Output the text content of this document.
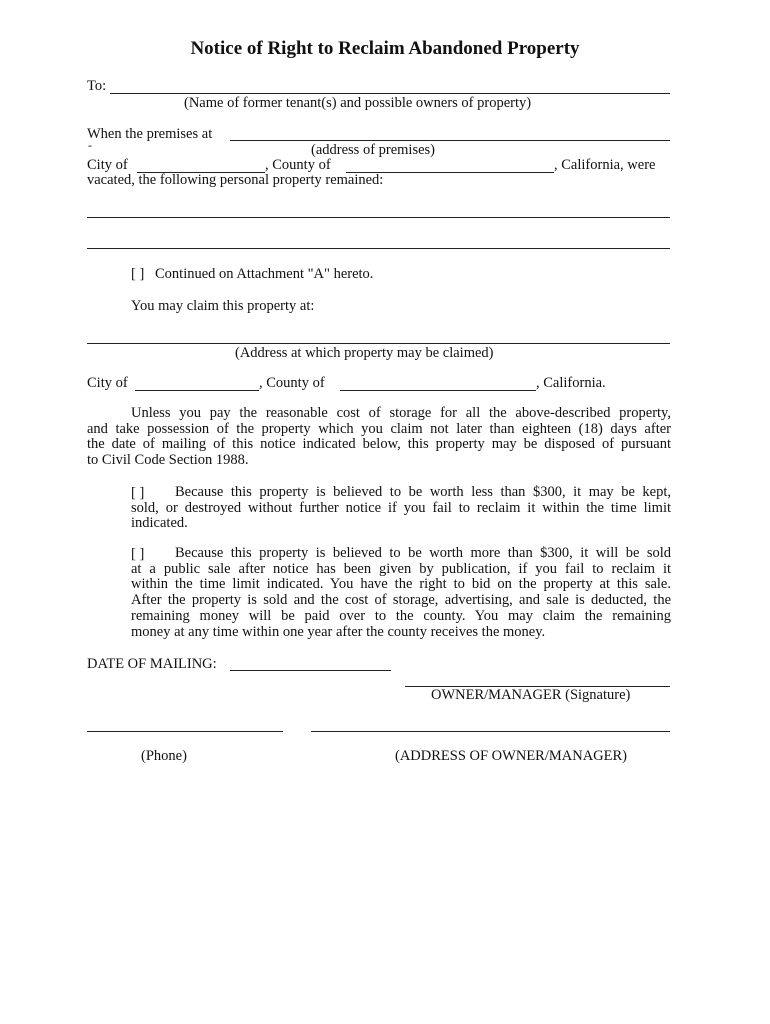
Notice of Right to Reclaim Abandoned Property
To:
(Name of former tenant(s) and possible owners of property)
When the premises at
(address of premises)
-
City of	, County of	, California, were
vacated, the following personal property remained:
[ ] Continued on Attachment "A" hereto.
You may claim this property at:
(Address at which property may be claimed)
City of	, County of	, California.
Unless you pay the reasonable cost of storage for all the above-described property,
and take possession of the property which you claim not later than eighteen (18) days after
the date of mailing of this notice indicated below, this property may be disposed of pursuant
to Civil Code Section 1988.
[ ]	Because this property is believed to be worth less than $300, it may be kept,
sold, or destroyed without further notice if you fail to reclaim it within the time limit
indicated.
[ ]	Because this property is believed to be worth more than $300, it will be sold
at a public sale after notice has been given by publication, if you fail to reclaim it
within the time limit indicated. You have the right to bid on the property at this sale.
After the property is sold and the cost of storage, advertising, and sale is deducted, the
remaining money will be paid over to the county. You may claim the remaining
money at any time within one year after the county receives the money.
DATE OF MAILING:
OWNER/MANAGER (Signature)
(Phone)	(ADDRESS OF OWNER/MANAGER)
